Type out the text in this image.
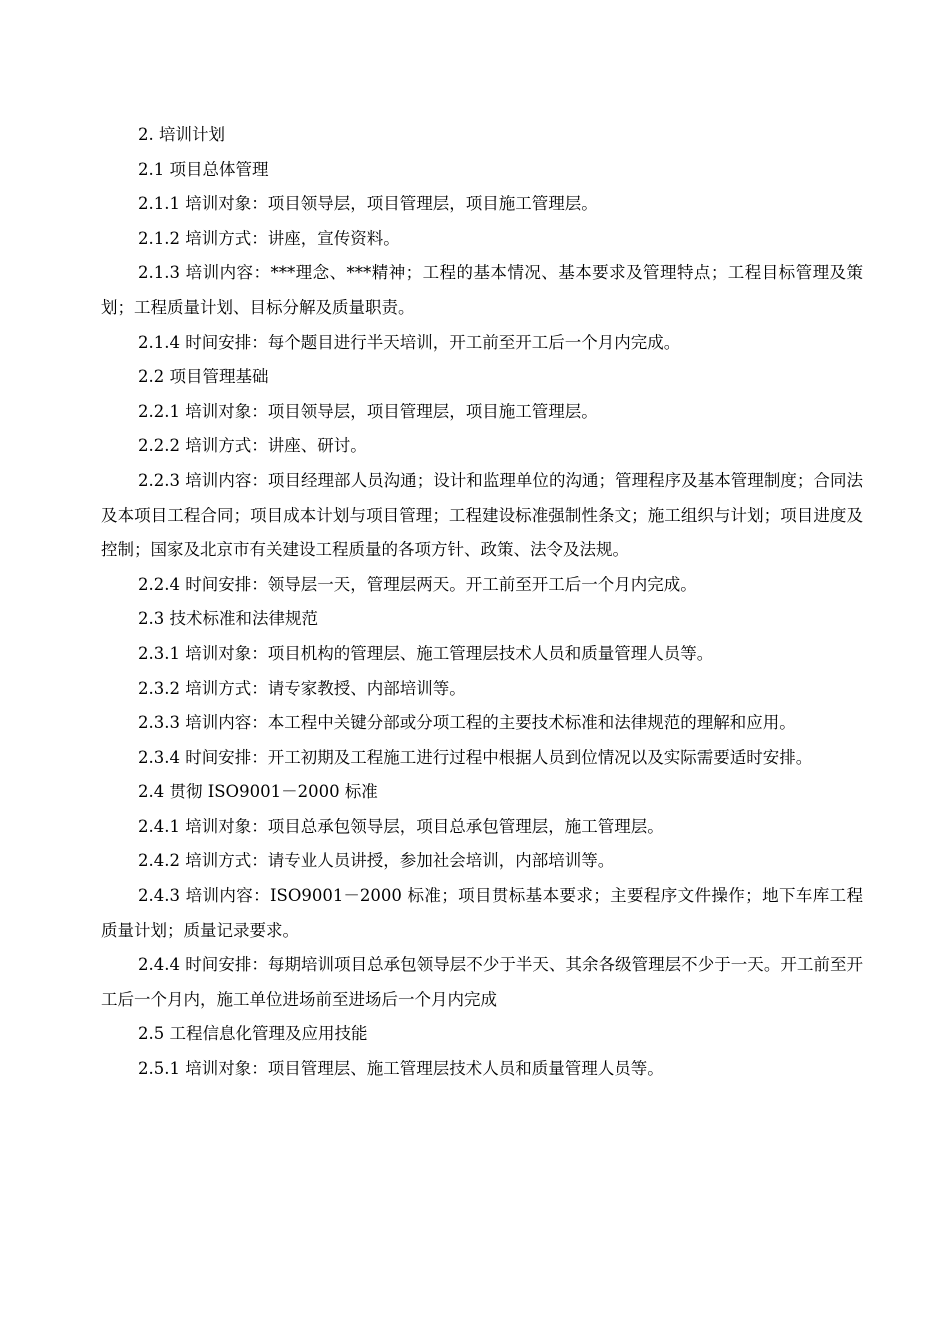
2. 培训计划

2.1 项目总体管理

2.1.1 培训对象：项目领导层，项目管理层，项目施工管理层。

2.1.2 培训方式：讲座，宣传资料。

2.1.3 培训内容：***理念、***精神；工程的基本情况、基本要求及管理特点；工程目标管理及策划；工程质量计划、目标分解及质量职责。

2.1.4 时间安排：每个题目进行半天培训，开工前至开工后一个月内完成。

2.2 项目管理基础

2.2.1 培训对象：项目领导层，项目管理层，项目施工管理层。

2.2.2 培训方式：讲座、研讨。

2.2.3 培训内容：项目经理部人员沟通；设计和监理单位的沟通；管理程序及基本管理制度；合同法及本项目工程合同；项目成本计划与项目管理；工程建设标准强制性条文；施工组织与计划；项目进度及控制；国家及北京市有关建设工程质量的各项方针、政策、法令及法规。

2.2.4 时间安排：领导层一天，管理层两天。开工前至开工后一个月内完成。

2.3 技术标准和法律规范

2.3.1 培训对象：项目机构的管理层、施工管理层技术人员和质量管理人员等。

2.3.2 培训方式：请专家教授、内部培训等。

2.3.3 培训内容：本工程中关键分部或分项工程的主要技术标准和法律规范的理解和应用。

2.3.4 时间安排：开工初期及工程施工进行过程中根据人员到位情况以及实际需要适时安排。

2.4 贯彻 ISO9001－2000 标准

2.4.1 培训对象：项目总承包领导层，项目总承包管理层，施工管理层。

2.4.2 培训方式：请专业人员讲授，参加社会培训，内部培训等。

2.4.3 培训内容：ISO9001－2000 标准；项目贯标基本要求；主要程序文件操作；地下车库工程质量计划；质量记录要求。

2.4.4 时间安排：每期培训项目总承包领导层不少于半天、其余各级管理层不少于一天。开工前至开工后一个月内，施工单位进场前至进场后一个月内完成

2.5 工程信息化管理及应用技能

2.5.1 培训对象：项目管理层、施工管理层技术人员和质量管理人员等。
